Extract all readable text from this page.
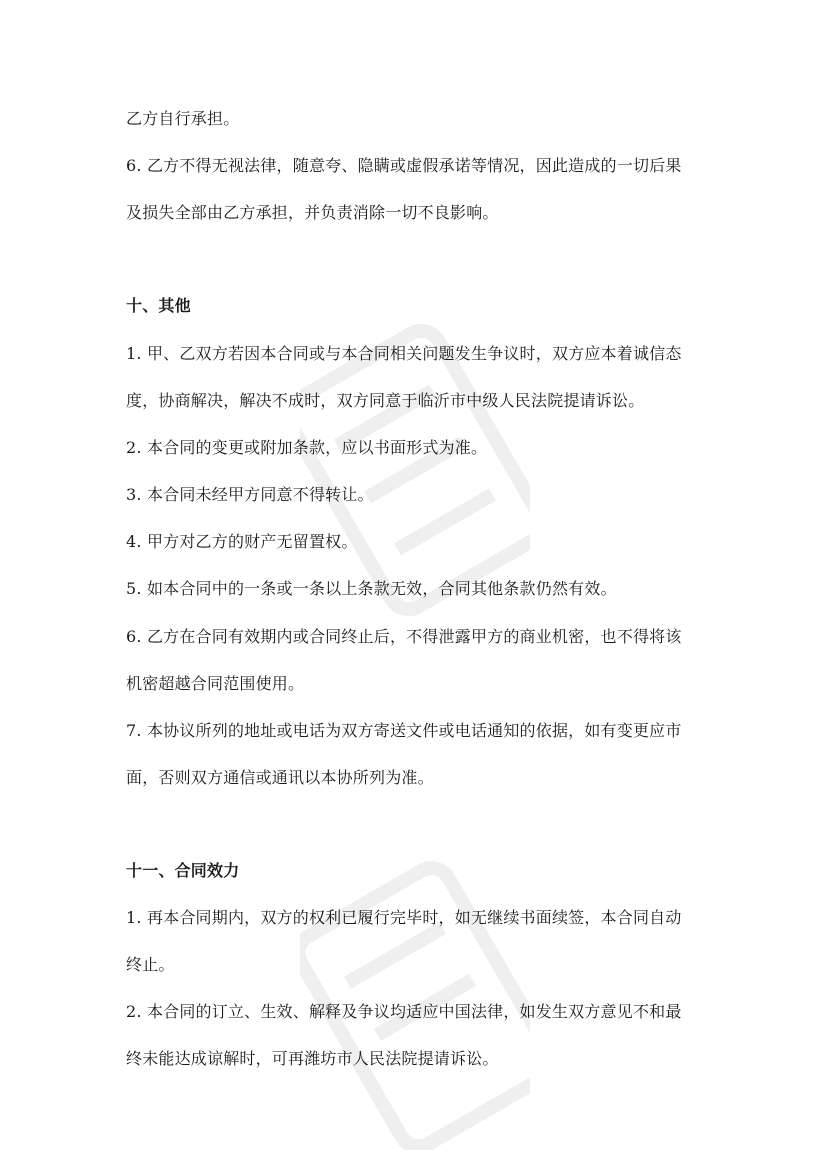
乙方自行承担。
6. 乙方不得无视法律，随意夸、隐瞒或虚假承诺等情况，因此造成的一切后果
及损失全部由乙方承担，并负责消除一切不良影响。
十、其他
1. 甲、乙双方若因本合同或与本合同相关问题发生争议时，双方应本着诚信态
度，协商解决，解决不成时，双方同意于临沂市中级人民法院提请诉讼。
2. 本合同的变更或附加条款，应以书面形式为准。
3. 本合同未经甲方同意不得转让。
4. 甲方对乙方的财产无留置权。
5. 如本合同中的一条或一条以上条款无效，合同其他条款仍然有效。
6. 乙方在合同有效期内或合同终止后，不得泄露甲方的商业机密，也不得将该
机密超越合同范围使用。
7. 本协议所列的地址或电话为双方寄送文件或电话通知的依据，如有变更应市
面，否则双方通信或通讯以本协所列为准。
十一、合同效力
1. 再本合同期内，双方的权利已履行完毕时，如无继续书面续签，本合同自动
终止。
2. 本合同的订立、生效、解释及争议均适应中国法律，如发生双方意见不和最
终未能达成谅解时，可再潍坊市人民法院提请诉讼。
